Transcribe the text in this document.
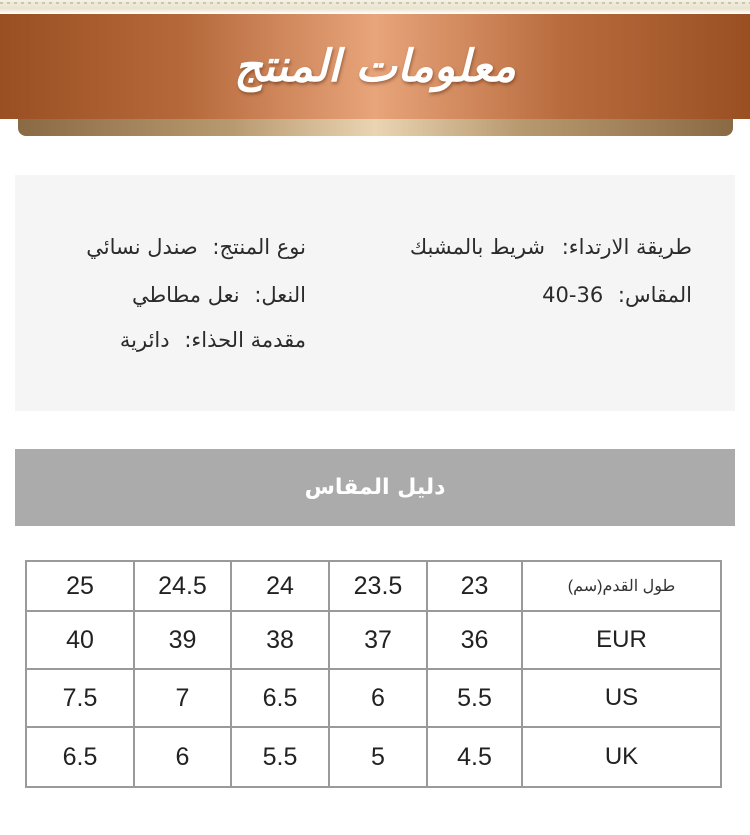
معلومات المنتج
طريقة الارتداء: شريط بالمشبك
المقاس: 36-40
نوع المنتج: صندل نسائي
النعل: نعل مطاطي
مقدمة الحذاء: دائرية
دليل المقاس
25	24.5	24	23.5	23	طول القدم(سم)
40	39	38	37	36	EUR
7.5	7	6.5	6	5.5	US
6.5	6	5.5	5	4.5	UK
